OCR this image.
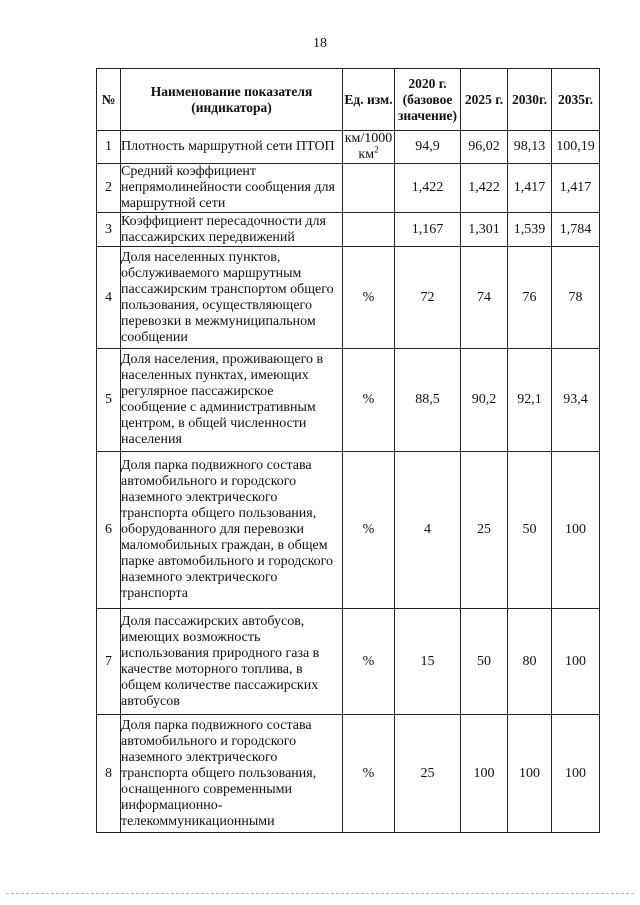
18
№	Наименование показателя (индикатора)	Ед. изм.	2020 г. (базовое значение)	2025 г.	2030г.	2035г.
1	Плотность маршрутной сети ПТОП	км/1000 $км^2$	94,9	96,02	98,13	100,19
2	Средний коэффициент непрямолинейности сообщения для маршрутной сети		1,422	1,422	1,417	1,417
3	Коэффициент пересадочности для пассажирских передвижений		1,167	1,301	1,539	1,784
4	Доля населенных пунктов, обслуживаемого маршрутным пассажирским транспортом общего пользования, осуществляющего перевозки в межмуниципальном сообщении	%	72	74	76	78
5	Доля населения, проживающего в населенных пунктах, имеющих регулярное пассажирское сообщение с административным центром, в общей численности населения	%	88,5	90,2	92,1	93,4
6	Доля парка подвижного состава автомобильного и городского наземного электрического транспорта общего пользования, оборудованного для перевозки маломобильных граждан, в общем парке автомобильного и городского наземного электрического транспорта	%	4	25	50	100
7	Доля пассажирских автобусов, имеющих возможность использования природного газа в качестве моторного топлива, в общем количестве пассажирских автобусов	%	15	50	80	100
8	Доля парка подвижного состава автомобильного и городского наземного электрического транспорта общего пользования, оснащенного современными информационно-телекоммуникационными	%	25	100	100	100
